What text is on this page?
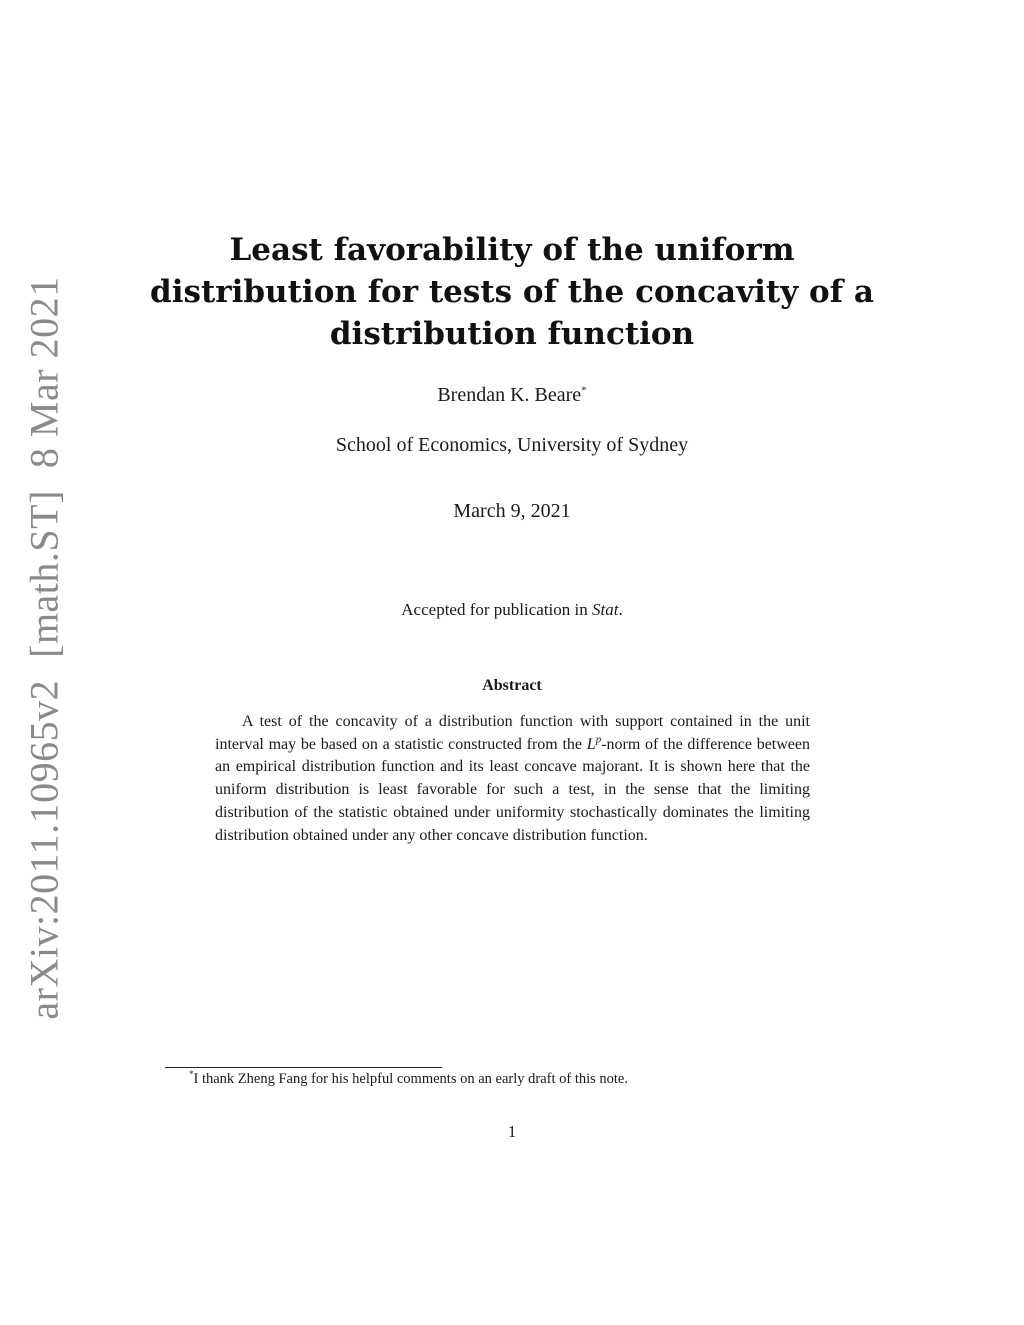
arXiv:2011.10965v2[math.ST]8 Mar 2021
Least favorability of the uniform
distribution for tests of the concavity of a
distribution function
Brendan K. Beare*
School of Economics, University of Sydney
March 9, 2021
Accepted for publication in Stat.
Abstract
A test of the concavity of a distribution function with support contained in the unit interval may be based on a statistic constructed from the $L^p$-norm of the difference between an empirical distribution function and its least concave majorant. It is shown here that the uniform distribution is least favorable for such a test, in the sense that the limiting distribution of the statistic obtained under uniformity stochastically dominates the limiting distribution obtained under any other concave distribution function.
*I thank Zheng Fang for his helpful comments on an early draft of this note.
1
